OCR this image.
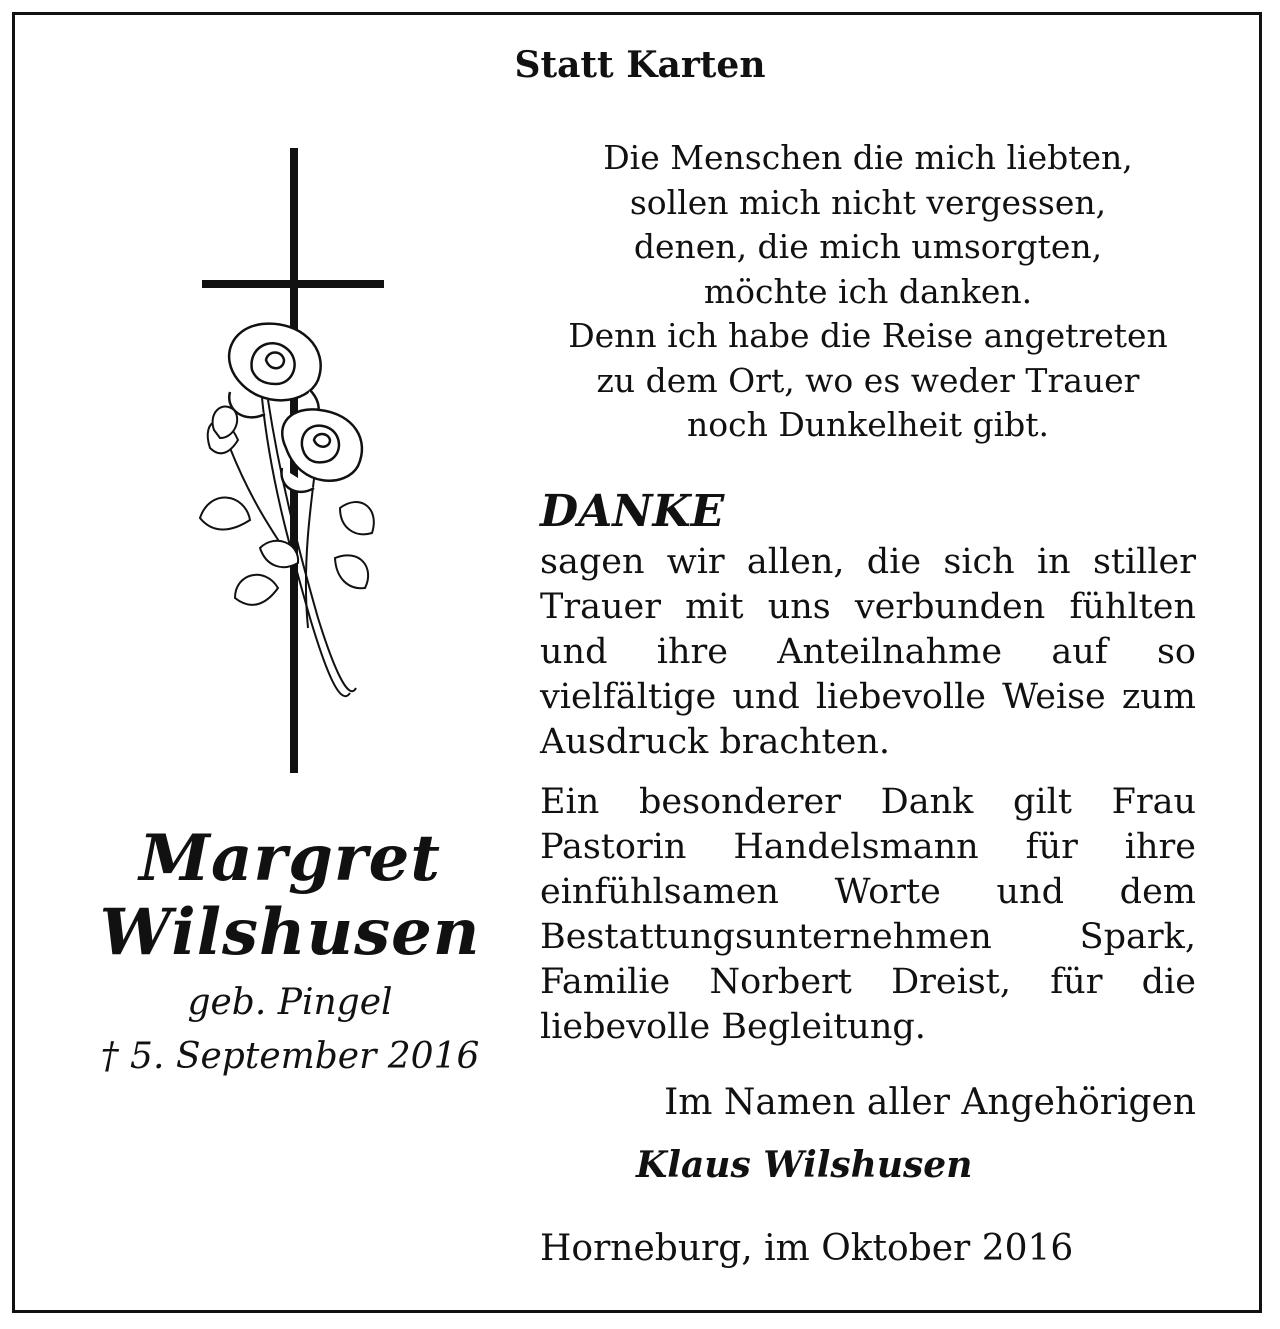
Statt Karten
Die Menschen die mich liebten,
sollen mich nicht vergessen,
denen, die mich umsorgten,
möchte ich danken.
Denn ich habe die Reise angetreten
zu dem Ort, wo es weder Trauer
noch Dunkelheit gibt.
Margret
Wilshusen
geb. Pingel
† 5. September 2016
DANKE
sagen wir allen, die sich in stiller Trauer mit uns verbunden fühlten und ihre Anteilnahme auf so vielfältige und liebevolle Weise zum Ausdruck brachten.
Ein besonderer Dank gilt Frau Pastorin Handelsmann für ihre einfühlsamen Worte und dem Bestattungsunternehmen Spark, Familie Norbert Dreist, für die liebevolle Begleitung.
Im Namen aller Angehörigen
Klaus Wilshusen
Horneburg, im Oktober 2016
